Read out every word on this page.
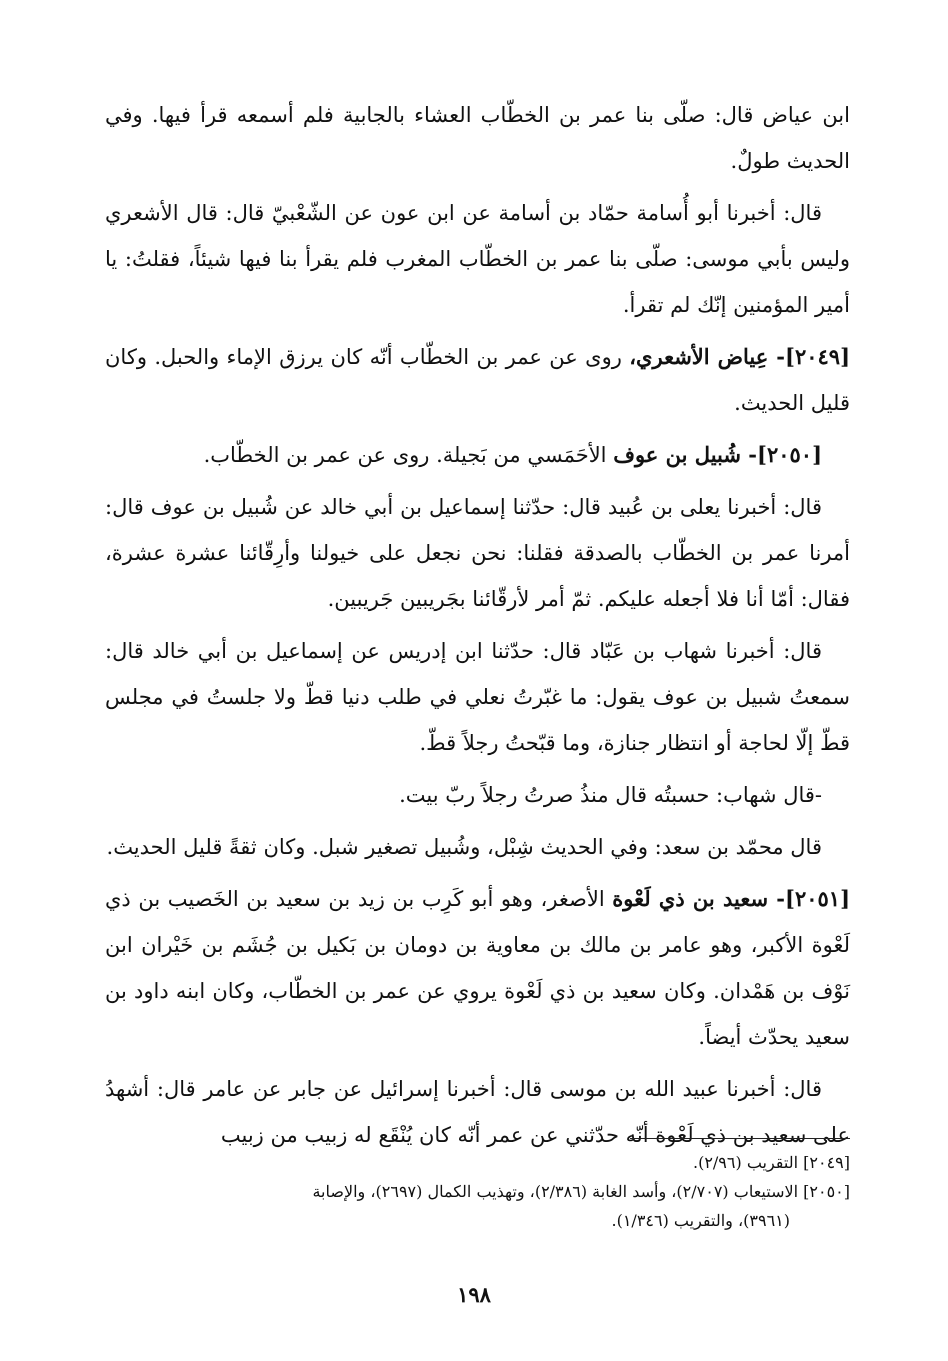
ابن عياض قال: صلّى بنا عمر بن الخطّاب العشاء بالجابية فلم أسمعه قرأ فيها. وفي الحديث طولٌ.

قال: أخبرنا أبو أُسامة حمّاد بن أسامة عن ابن عون عن الشّعْبيّ قال: قال الأشعري وليس بأبي موسى: صلّى بنا عمر بن الخطّاب المغرب فلم يقرأ بنا فيها شيئاً، فقلتُ: يا أمير المؤمنين إنّك لم تقرأ.

[٢٠٤٩]- عِياض الأشعري، روى عن عمر بن الخطّاب أنّه كان يرزق الإماء والحبل. وكان قليل الحديث.

[٢٠٥٠]- شُبيل بن عوف الأحَمَسي من بَجيلة. روى عن عمر بن الخطّاب.

قال: أخبرنا يعلى بن عُبيد قال: حدّثنا إسماعيل بن أبي خالد عن شُبيل بن عوف قال: أمرنا عمر بن الخطّاب بالصدقة فقلنا: نحن نجعل على خيولنا وأرِقّائنا عشرة عشرة، فقال: أمّا أنا فلا أجعله عليكم. ثمّ أمر لأرقّائنا بجَريبين جَريبين.

قال: أخبرنا شهاب بن عَبّاد قال: حدّثنا ابن إدريس عن إسماعيل بن أبي خالد قال: سمعتُ شبيل بن عوف يقول: ما غبّرتُ نعلي في طلب دنيا قطّ ولا جلستُ في مجلس قطّ إلّا لحاجة أو انتظار جنازة، وما قبّحتُ رجلاً قطّ.

-قال شهاب: حسبتُه قال منذُ صرتُ رجلاً ربّ بيت.

قال محمّد بن سعد: وفي الحديث شِبْل، وشُبيل تصغير شبل. وكان ثقةً قليل الحديث.

[٢٠٥١]- سعيد بن ذي لَعْوة الأصغر، وهو أبو كَرِب بن زيد بن سعيد بن الخَصيب بن ذي لَعْوة الأكبر، وهو عامر بن مالك بن معاوية بن دومان بن بَكيل بن جُشَم بن خَيْران ابن نَوْف بن هَمْدان. وكان سعيد بن ذي لَعْوة يروي عن عمر بن الخطّاب، وكان ابنه داود بن سعيد يحدّث أيضاً.

قال: أخبرنا عبيد الله بن موسى قال: أخبرنا إسرائيل عن جابر عن عامر قال: أشهدُ على سعيد بن ذي لَعْوة أنّه حدّثني عن عمر أنّه كان يُنْقَع له زبيب من زبيب

[٢٠٤٩] التقريب (٢/٩٦).

[٢٠٥٠] الاستيعاب (٢/٧٠٧)، وأسد الغابة (٢/٣٨٦)، وتهذيب الكمال (٢٦٩٧)، والإصابة

(٣٩٦١)، والتقريب (١/٣٤٦).

١٩٨
